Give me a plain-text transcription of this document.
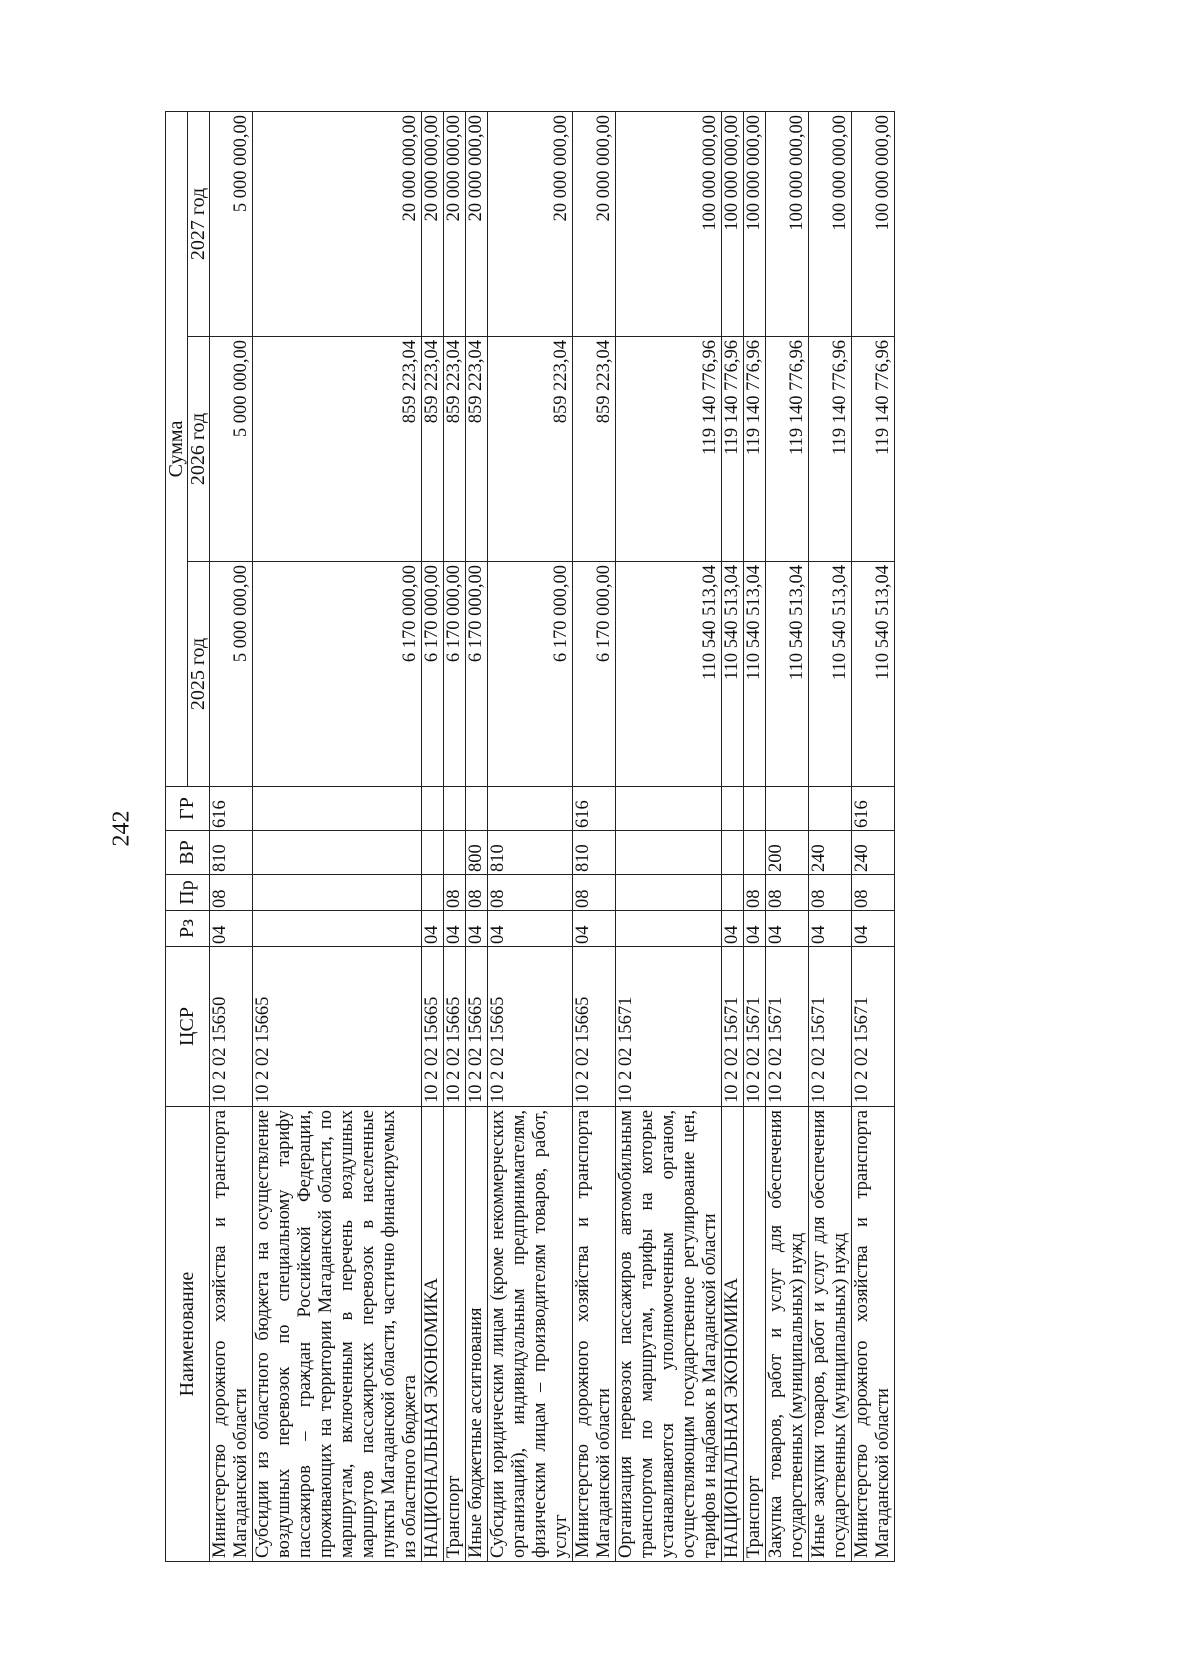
242
Наименование	ЦСР	Рз	Пр	ВР	ГР	Сумма		
						2025 год	2026 год	2027 год
Министерство дорожного хозяйства и транспорта Магаданской области	10 2 02 15650	04	08	810	616	5 000 000,00	5 000 000,00	5 000 000,00
Субсидии из областного бюджета на осуществление воздушных перевозок по специальному тарифу пассажиров – граждан Российской Федерации, проживающих на территории Магаданской области, по маршрутам, включенным в перечень воздушных маршрутов пассажирских перевозок в населенные пункты Магаданской области, частично финансируемых из областного бюджета	10 2 02 15665					6 170 000,00	859 223,04	20 000 000,00
НАЦИОНАЛЬНАЯ ЭКОНОМИКА	10 2 02 15665	04				6 170 000,00	859 223,04	20 000 000,00
Транспорт	10 2 02 15665	04	08			6 170 000,00	859 223,04	20 000 000,00
Иные бюджетные ассигнования	10 2 02 15665	04	08	800		6 170 000,00	859 223,04	20 000 000,00
Субсидии юридическим лицам (кроме некоммерческих организаций), индивидуальным предпринимателям, физическим лицам – производителям товаров, работ, услуг	10 2 02 15665	04	08	810		6 170 000,00	859 223,04	20 000 000,00
Министерство дорожного хозяйства и транспорта Магаданской области	10 2 02 15665	04	08	810	616	6 170 000,00	859 223,04	20 000 000,00
Организация перевозок пассажиров автомобильным транспортом по маршрутам, тарифы на которые устанавливаются уполномоченным органом, осуществляющим государственное регулирование цен, тарифов и надбавок в Магаданской области	10 2 02 15671					110 540 513,04	119 140 776,96	100 000 000,00
НАЦИОНАЛЬНАЯ ЭКОНОМИКА	10 2 02 15671	04				110 540 513,04	119 140 776,96	100 000 000,00
Транспорт	10 2 02 15671	04	08			110 540 513,04	119 140 776,96	100 000 000,00
Закупка товаров, работ и услуг для обеспечения государственных (муниципальных) нужд	10 2 02 15671	04	08	200		110 540 513,04	119 140 776,96	100 000 000,00
Иные закупки товаров, работ и услуг для обеспечения государственных (муниципальных) нужд	10 2 02 15671	04	08	240		110 540 513,04	119 140 776,96	100 000 000,00
Министерство дорожного хозяйства и транспорта Магаданской области	10 2 02 15671	04	08	240	616	110 540 513,04	119 140 776,96	100 000 000,00
